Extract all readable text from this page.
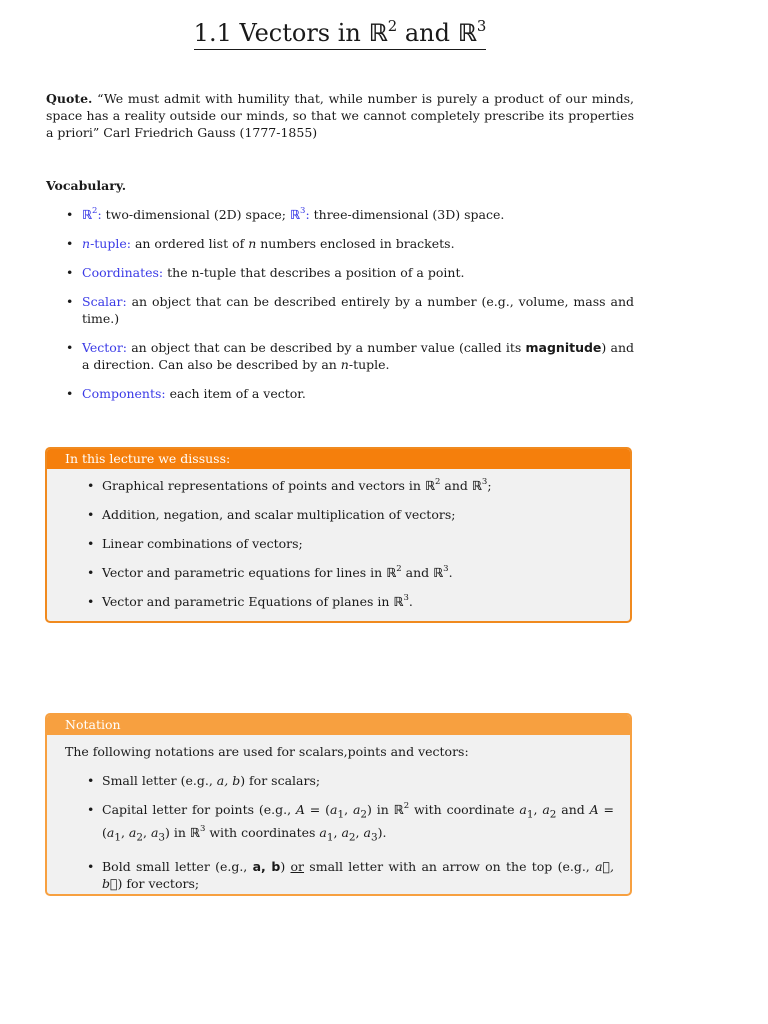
1.1 Vectors in ℝ$^2$ and ℝ$^3$
Quote. “We must admit with humility that, while number is purely a product of our minds, space has a reality outside our minds, so that we cannot completely prescribe its properties a priori” Carl Friedrich Gauss (1777-1855)
Vocabulary.
• ℝ$^2$: two-dimensional (2D) space; ℝ$^3$: three-dimensional (3D) space.
• n-tuple: an ordered list of n numbers enclosed in brackets.
• Coordinates: the n-tuple that describes a position of a point.
• Scalar: an object that can be described entirely by a number (e.g., volume, mass and time.)
• Vector: an object that can be described by a number value (called its magnitude) and a direction. Can also be described by an n-tuple.
• Components: each item of a vector.
In this lecture we dissuss:
• Graphical representations of points and vectors in ℝ$^2$ and ℝ$^3$;
• Addition, negation, and scalar multiplication of vectors;
• Linear combinations of vectors;
• Vector and parametric equations for lines in ℝ$^2$ and ℝ$^3$.
• Vector and parametric Equations of planes in ℝ$^3$.
Notation
The following notations are used for scalars,points and vectors:
• Small letter (e.g., a, b) for scalars;
• Capital letter for points (e.g., $A = (a_1$, $a_2$) in ℝ$^2$ with coordinate $a_1$, $a_2$ and $A = (a_1$, $a_2$, $a_3$) in ℝ$^3$ with coordinates $a_1$, $a_2$, $a_3$).
• Bold small letter (e.g., a, b) or small letter with an arrow on the top (e.g., a⃗, b⃗) for vectors;
